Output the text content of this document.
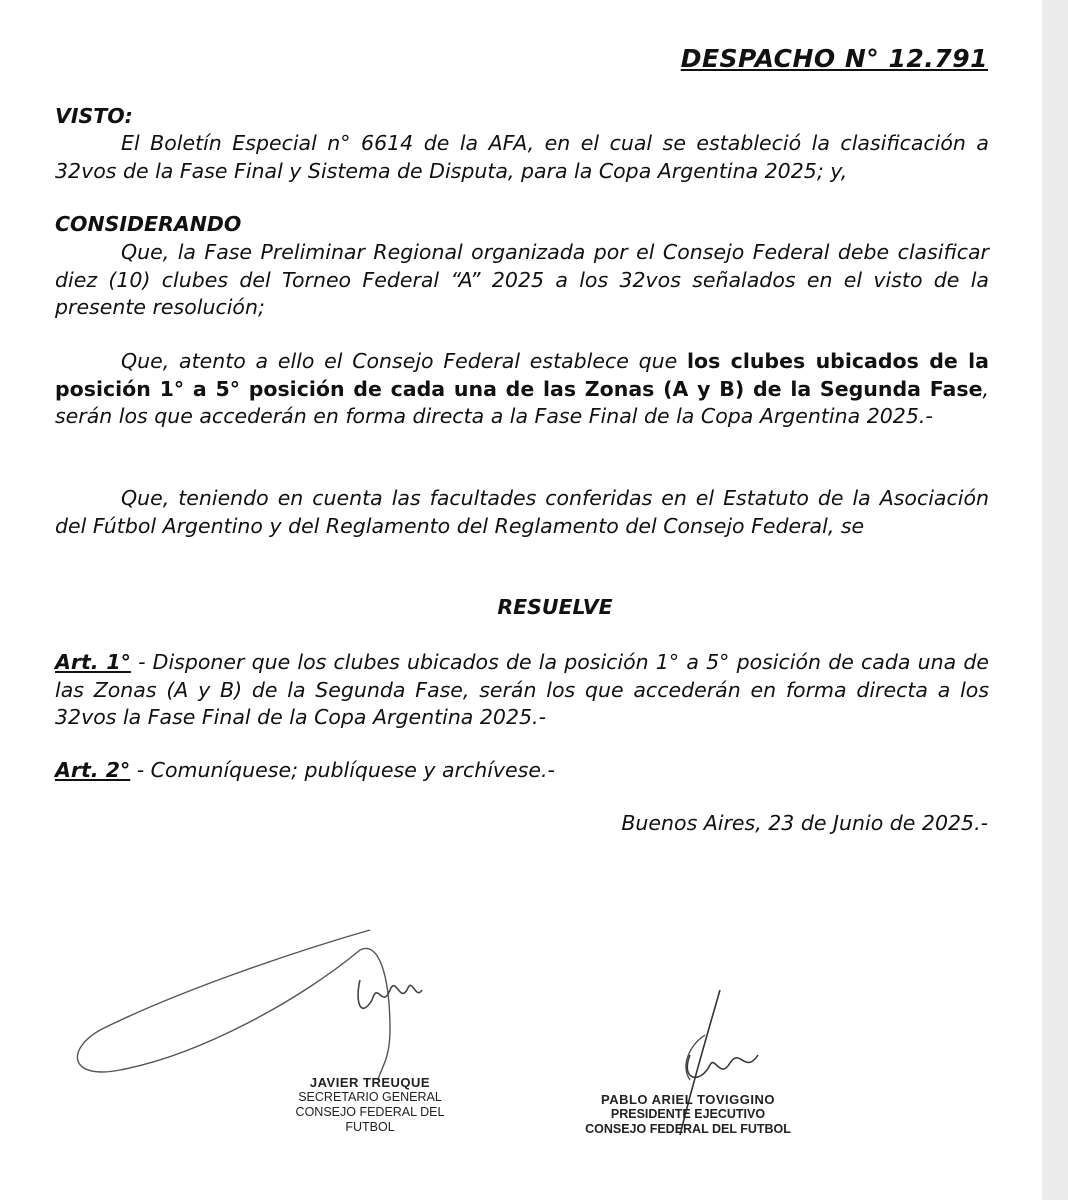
DESPACHO N° 12.791
VISTO:
El Boletín Especial n° 6614 de la AFA, en el cual se estableció la clasificación a 32vos de la Fase Final y Sistema de Disputa, para la Copa Argentina 2025; y,
CONSIDERANDO
Que, la Fase Preliminar Regional organizada por el Consejo Federal debe clasificar diez (10) clubes del Torneo Federal “A” 2025 a los 32vos señalados en el visto de la presente resolución;
Que, atento a ello el Consejo Federal establece que los clubes ubicados de la posición 1° a 5° posición de cada una de las Zonas (A y B) de la Segunda Fase, serán los que accederán en forma directa a la Fase Final de la Copa Argentina 2025.-
Que, teniendo en cuenta las facultades conferidas en el Estatuto de la Asociación del Fútbol Argentino y del Reglamento del Reglamento del Consejo Federal, se
RESUELVE
Art. 1° - Disponer que los clubes ubicados de la posición 1° a 5° posición de cada una de las Zonas (A y B) de la Segunda Fase, serán los que accederán en forma directa a los 32vos la Fase Final de la Copa Argentina 2025.-
Art. 2° - Comuníquese; publíquese y archívese.-
Buenos Aires, 23 de Junio de 2025.-
JAVIER TREUQUE
SECRETARIO GENERAL
CONSEJO FEDERAL DEL FUTBOL
PABLO ARIEL TOVIGGINO
PRESIDENTE EJECUTIVO
CONSEJO FEDERAL DEL FUTBOL
